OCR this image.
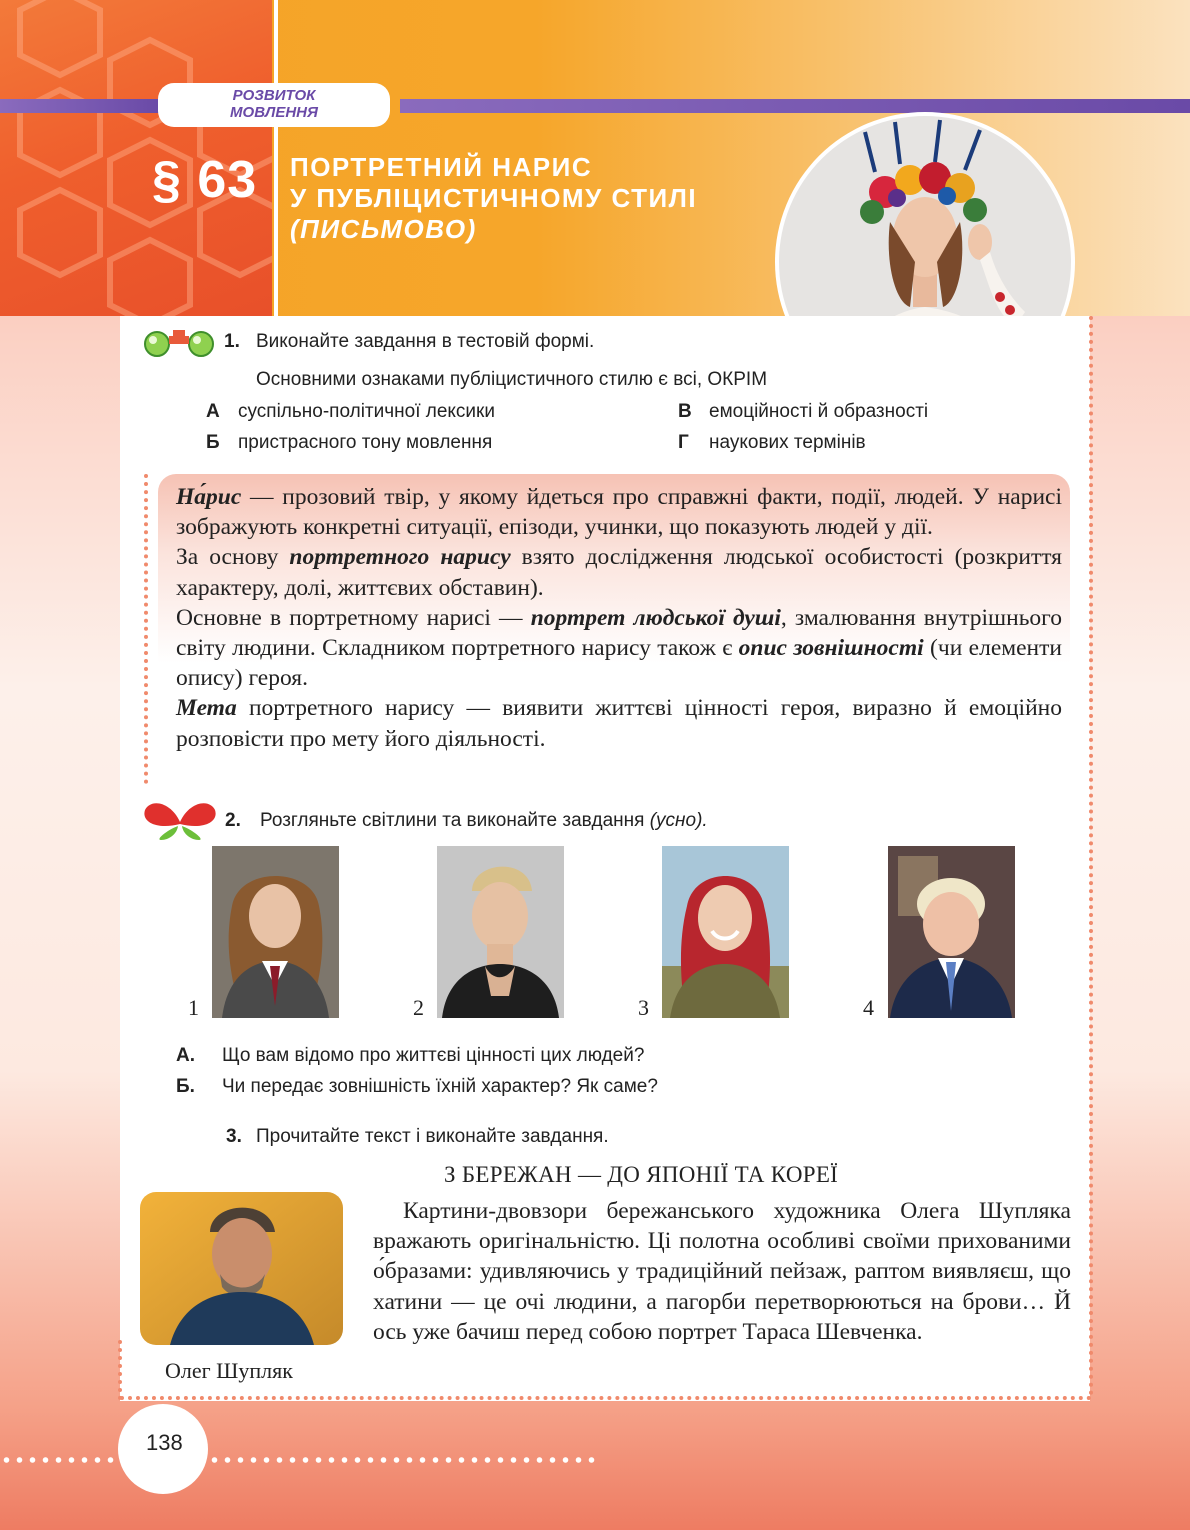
РОЗВИТОК
МОВЛЕННЯ
§ 63 ПОРТРЕТНИЙ НАРИС
У ПУБЛІЦИСТИЧНОМУ СТИЛІ
(ПИСЬМОВО)
1. Виконайте завдання в тестовій формі.
Основними ознаками публіцистичного стилю є всі, ОКРІМ
А суспільно-політичної лексики
Б пристрасного тону мовлення
В емоційності й образності
Г наукових термінів
На́рис — прозовий твір, у якому йдеться про справжні факти, події, людей. У нарисі зображують конкретні ситуації, епізоди, учинки, що показують людей у дії.
За основу портретного нарису взято дослідження людської особистості (розкриття характеру, долі, життєвих обставин).
Основне в портретному нарисі — портрет людської душі, змалювання внутрішнього світу людини. Складником портретного нарису також є опис зовнішності (чи елементи опису) героя.
Мета портретного нарису — виявити життєві цінності героя, виразно й емоційно розповісти про мету його діяльності.
2. Розгляньте світлини та виконайте завдання (усно).
1	2	3	4
А. Що вам відомо про життєві цінності цих людей?
Б. Чи передає зовнішність їхній характер? Як саме?
3. Прочитайте текст і виконайте завдання.
З БЕРЕЖАН — ДО ЯПОНІЇ ТА КОРЕЇ
Олег Шупляк
Картини-двовзори бережанського художника Олега Шупляка вражають оригінальністю. Ці полотна особливі своїми прихованими о́бразами: удивляючись у традиційний пейзаж, раптом виявляєш, що хатини — це очі людини, а пагорби перетворюються на брови… Й ось уже бачиш перед собою портрет Тараса Шевченка.
138
